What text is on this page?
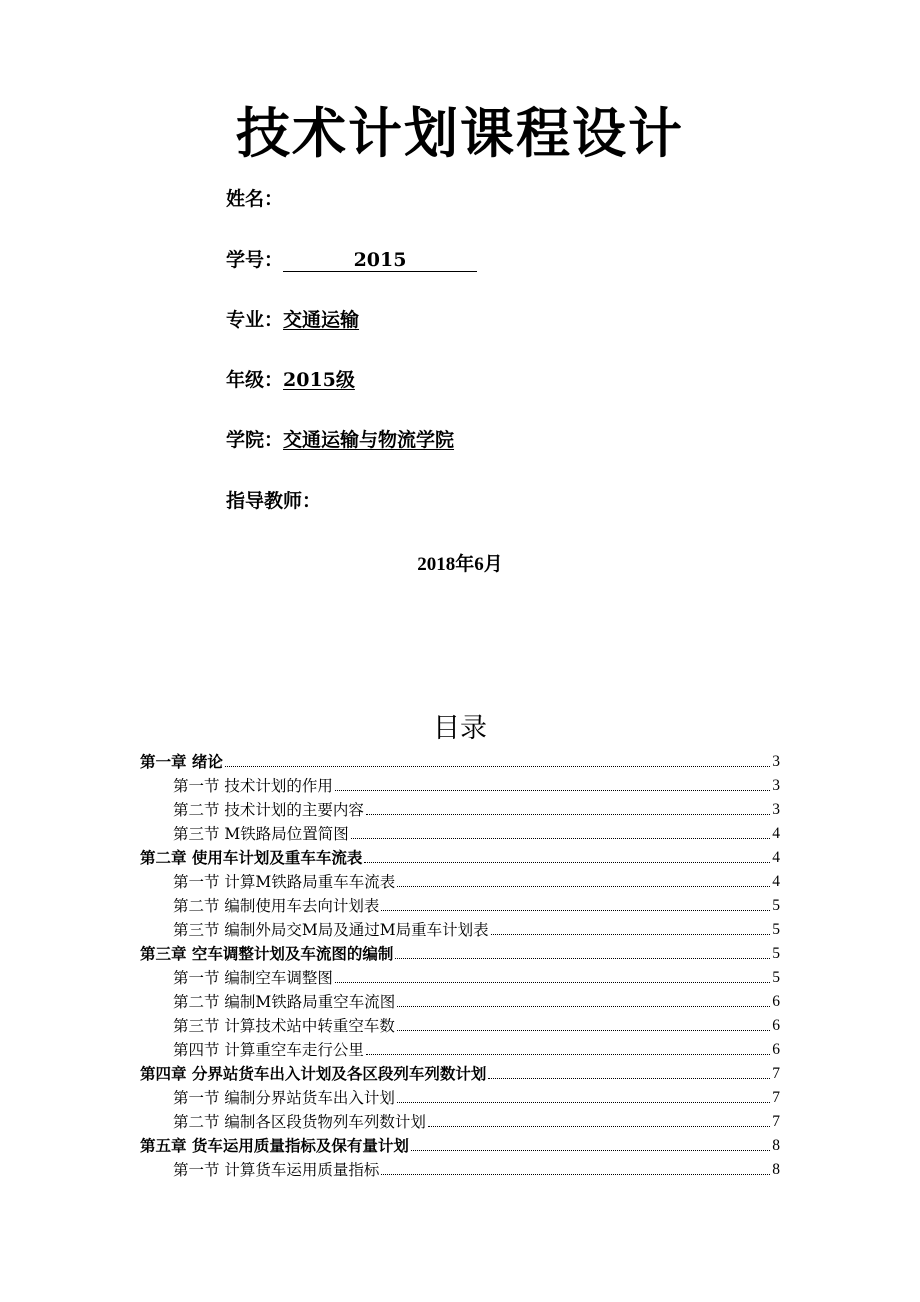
技术计划课程设计
姓名：
学号：	2015
专业：交通运输
年级：2015级
学院：交通运输与物流学院
指导教师：
2018年6月
目录
第一章 绪论	3
第一节 技术计划的作用	3
第二节 技术计划的主要内容	3
第三节 M铁路局位置简图	4
第二章 使用车计划及重车车流表	4
第一节 计算M铁路局重车车流表	4
第二节 编制使用车去向计划表	5
第三节 编制外局交M局及通过M局重车计划表	5
第三章 空车调整计划及车流图的编制	5
第一节 编制空车调整图	5
第二节 编制M铁路局重空车流图	6
第三节 计算技术站中转重空车数	6
第四节 计算重空车走行公里	6
第四章 分界站货车出入计划及各区段列车列数计划	7
第一节 编制分界站货车出入计划	7
第二节 编制各区段货物列车列数计划	7
第五章 货车运用质量指标及保有量计划	8
第一节 计算货车运用质量指标	8
